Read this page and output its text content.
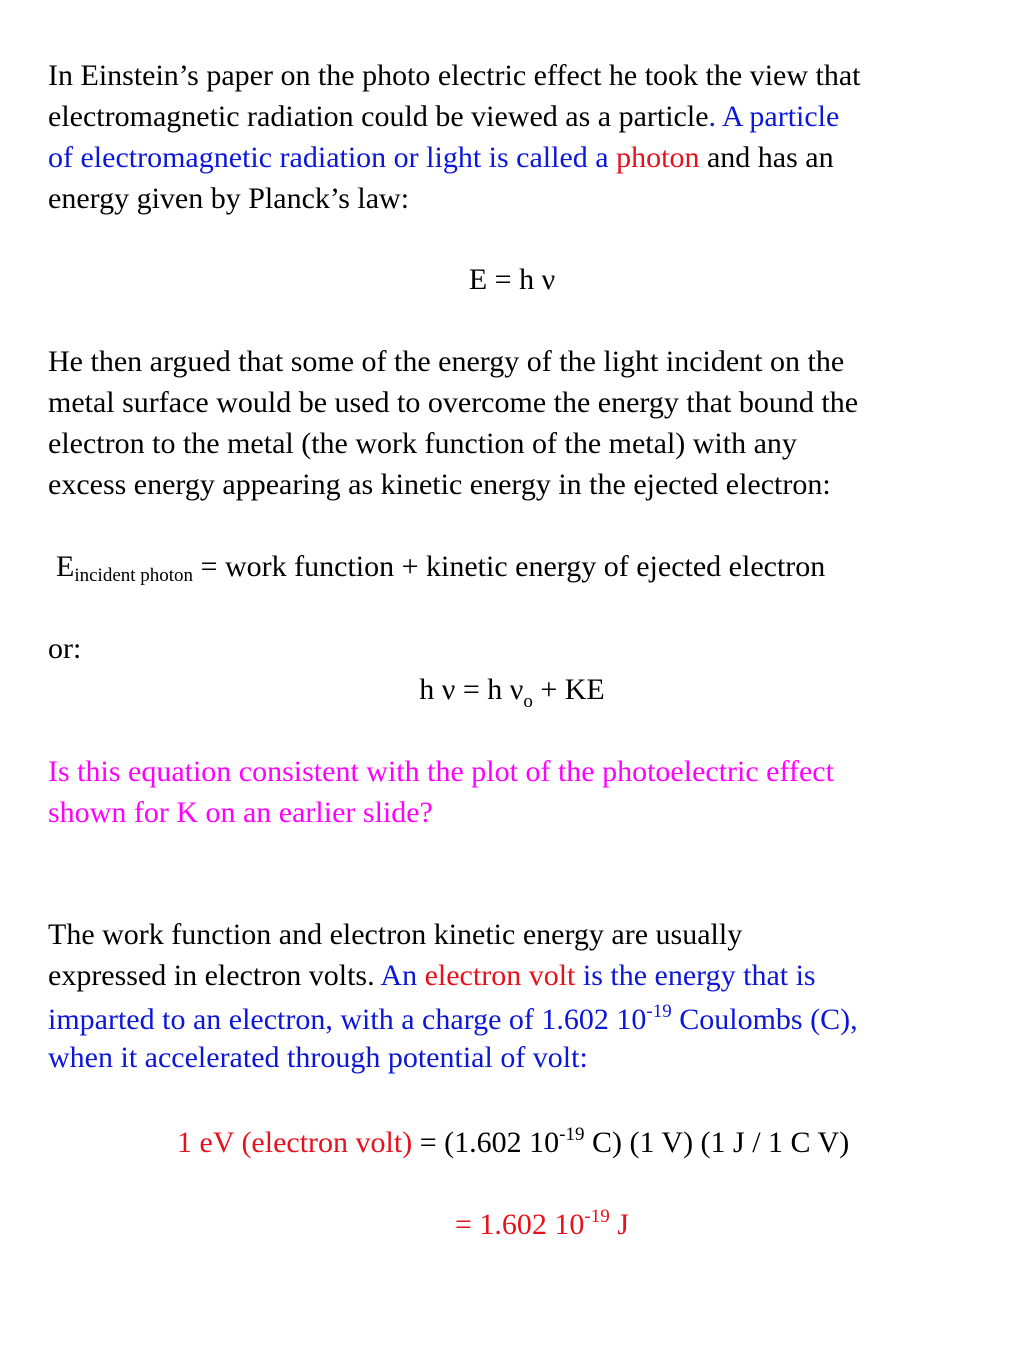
In Einstein’s paper on the photo electric effect he took the view that
electromagnetic radiation could be viewed as a particle. A particle
of electromagnetic radiation or light is called a photon and has an
energy given by Planck’s law:
E = h ν
He then argued that some of the energy of the light incident on the
metal surface would be used to overcome the energy that bound the
electron to the metal (the work function of the metal) with any
excess energy appearing as kinetic energy in the ejected electron:
$E_{incident photon}$ = work function + kinetic energy of ejected electron
or:
h ν = h $\nu_o$ + KE
Is this equation consistent with the plot of the photoelectric effect
shown for K on an earlier slide?
The work function and electron kinetic energy are usually
expressed in electron volts. An electron volt is the energy that is
imparted to an electron, with a charge of 1.602 $10^{-19}$ Coulombs (C),
when it accelerated through potential of volt:
1 eV (electron volt) = (1.602 $10^{-19}$ C) (1 V) (1 J / 1 C V)
= 1.602 $10^{-19}$ J
